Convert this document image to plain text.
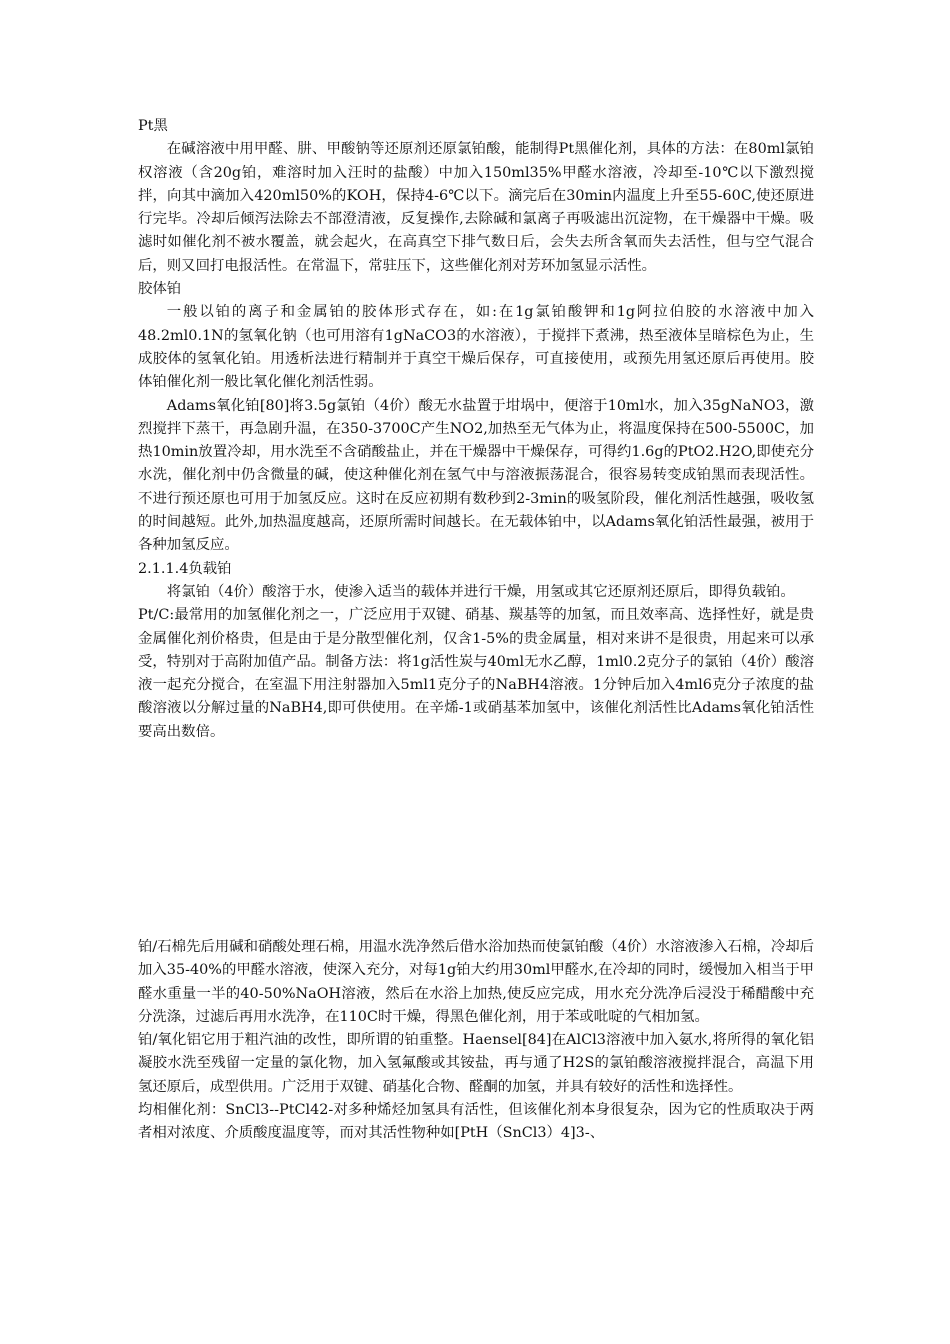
Pt黑

在碱溶液中用甲醛、肼、甲酸钠等还原剂还原氯铂酸，能制得Pt黑催化剂，具体的方法：在80ml氯铂权溶液（含20g铂，难溶时加入汪时的盐酸）中加入150ml35%甲醛水溶液，冷却至-10℃以下激烈搅拌，向其中滴加入420ml50%的KOH，保持4-6℃以下。滴完后在30min内温度上升至55-60C,使还原进行完毕。冷却后倾泻法除去不部澄清液，反复操作,去除碱和氯离子再吸滤出沉淀物，在干燥器中干燥。吸滤时如催化剂不被水覆盖，就会起火，在高真空下排气数日后，会失去所含氧而失去活性，但与空气混合后，则又回打电报活性。在常温下，常驻压下，这些催化剂对芳环加氢显示活性。

胶体铂

一般以铂的离子和金属铂的胶体形式存在，如:在1g氯铂酸钾和1g阿拉伯胶的水溶液中加入48.2ml0.1N的氢氧化钠（也可用溶有1gNaCO3的水溶液），于搅拌下煮沸，热至液体呈暗棕色为止，生成胶体的氢氧化铂。用透析法进行精制并于真空干燥后保存，可直接使用，或预先用氢还原后再使用。胶体铂催化剂一般比氧化催化剂活性弱。

Adams氧化铂[80]将3.5g氯铂（4价）酸无水盐置于坩埚中，便溶于10ml水，加入35gNaNO3，激烈搅拌下蒸干，再急剧升温，在350-3700C产生NO2,加热至无气体为止，将温度保持在500-5500C，加热10min放置冷却，用水洗至不含硝酸盐止，并在干燥器中干燥保存，可得约1.6g的PtO2.H2O,即使充分水洗，催化剂中仍含微量的碱，使这种催化剂在氢气中与溶液振荡混合，很容易转变成铂黑而表现活性。不进行预还原也可用于加氢反应。这时在反应初期有数秒到2-3min的吸氢阶段，催化剂活性越强，吸收氢的时间越短。此外,加热温度越高，还原所需时间越长。在无载体铂中，以Adams氧化铂活性最强，被用于各种加氢反应。

2.1.1.4负载铂

将氯铂（4价）酸溶于水，使渗入适当的载体并进行干燥，用氢或其它还原剂还原后，即得负载铂。

Pt/C:最常用的加氢催化剂之一，广泛应用于双键、硝基、羰基等的加氢，而且效率高、选择性好，就是贵金属催化剂价格贵，但是由于是分散型催化剂，仅含1-5%的贵金属量，相对来讲不是很贵，用起来可以承受，特别对于高附加值产品。制备方法：将1g活性炭与40ml无水乙醇，1ml0.2克分子的氯铂（4价）酸溶液一起充分搅合，在室温下用注射器加入5ml1克分子的NaBH4溶液。1分钟后加入4ml6克分子浓度的盐酸溶液以分解过量的NaBH4,即可供使用。在辛烯-1或硝基苯加氢中，该催化剂活性比Adams氧化铂活性要高出数倍。

铂/石棉先后用碱和硝酸处理石棉，用温水洗净然后借水浴加热而使氯铂酸（4价）水溶液渗入石棉，冷却后加入35-40%的甲醛水溶液，使深入充分，对每1g铂大约用30ml甲醛水,在冷却的同时，缓慢加入相当于甲醛水重量一半的40-50%NaOH溶液，然后在水浴上加热,使反应完成，用水充分洗净后浸没于稀醋酸中充分洗涤，过滤后再用水洗净，在110C时干燥，得黑色催化剂，用于苯或吡啶的气相加氢。

铂/氧化铝它用于粗汽油的改性，即所谓的铂重整。Haensel[84]在AlCl3溶液中加入氨水,将所得的氧化铝凝胶水洗至残留一定量的氯化物，加入氢氟酸或其铵盐，再与通了H2S的氯铂酸溶液搅拌混合，高温下用氢还原后，成型供用。广泛用于双键、硝基化合物、醛酮的加氢，并具有较好的活性和选择性。

均相催化剂：SnCl3--PtCl42-对多种烯烃加氢具有活性，但该催化剂本身很复杂，因为它的性质取决于两者相对浓度、介质酸度温度等，而对其活性物种如[PtH（SnCl3）4]3-、
